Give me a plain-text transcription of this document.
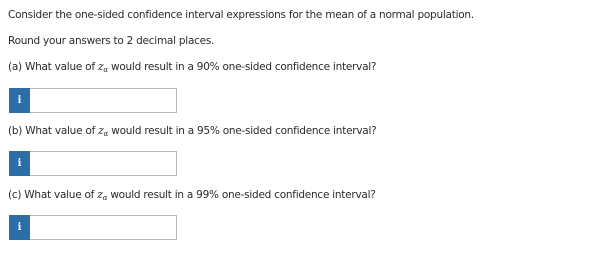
Consider the one-sided confidence interval expressions for the mean of a normal population.
Round your answers to 2 decimal places.
(a) What value of $z_\alpha$ would result in a 90% one-sided confidence interval?
i
(b) What value of $z_\alpha$ would result in a 95% one-sided confidence interval?
i
(c) What value of $z_\alpha$ would result in a 99% one-sided confidence interval?
i
